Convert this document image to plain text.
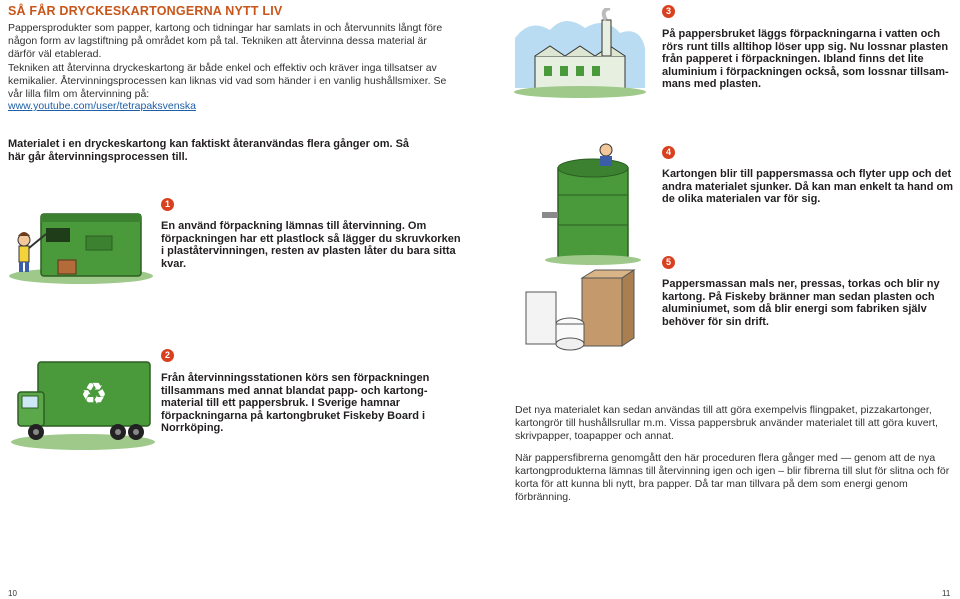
SÅ FÅR DRYCKESKARTONGERNA NYTT LIV
Pappersprodukter som papper, kartong och tidningar har samlats in och återvunnits långt före någon form av lagstiftning på området kom på tal. Tekniken att återvinna dessa material är därför väl etablerad.
Tekniken att återvinna dryckeskartong är både enkel och effektiv och kräver inga tillsatser av kemikalier. Återvinningsprocessen kan liknas vid vad som händer i en vanlig hushållsmixer. Se vår lilla film om återvinning på:
www.youtube.com/user/tetrapaksvenska
Materialet i en dryckeskartong kan faktiskt återanvändas flera gånger om. Så här går återvinningsprocessen till.
1
En använd förpackning lämnas till återvinning. Om förpackningen har ett plastlock så lägger du skruvkorken i plaståtervinningen, resten av plasten låter du bara sitta kvar.
2
Från återvinningsstationen körs sen förpackningen tillsammans med annat blandat papp- och kartong-material till ett pappersbruk. I Sverige hamnar förpackningarna på kartongbruket Fiskeby Board i Norrköping.
♻
10
3
På pappersbruket läggs förpackningarna i vatten och rörs runt tills alltihop löser upp sig. Nu lossnar plasten från papperet i förpackningen. Ibland finns det lite aluminium i förpackningen också, som lossnar tillsam-mans med plasten.
4
Kartongen blir till pappersmassa och flyter upp och det andra materialet sjunker. Då kan man enkelt ta hand om de olika materialen var för sig.
5
Pappersmassan mals ner, pressas, torkas och blir ny kartong. På Fiskeby bränner man sedan plasten och aluminiumet, som då blir energi som fabriken själv behöver för sin drift.
Det nya materialet kan sedan användas till att göra exempelvis flingpaket, pizzakartonger, kartongrör till hushållsrullar m.m. Vissa pappersbruk använder materialet till att göra kuvert, skrivpapper, toapapper och annat.
När pappersfibrerna genomgått den här proceduren flera gånger med — genom att de nya kartongprodukterna lämnas till återvinning igen och igen – blir fibrerna till slut för slitna och för korta för att kunna bli nytt, bra papper. Då tar man tillvara på dem som energi genom förbränning.
11
